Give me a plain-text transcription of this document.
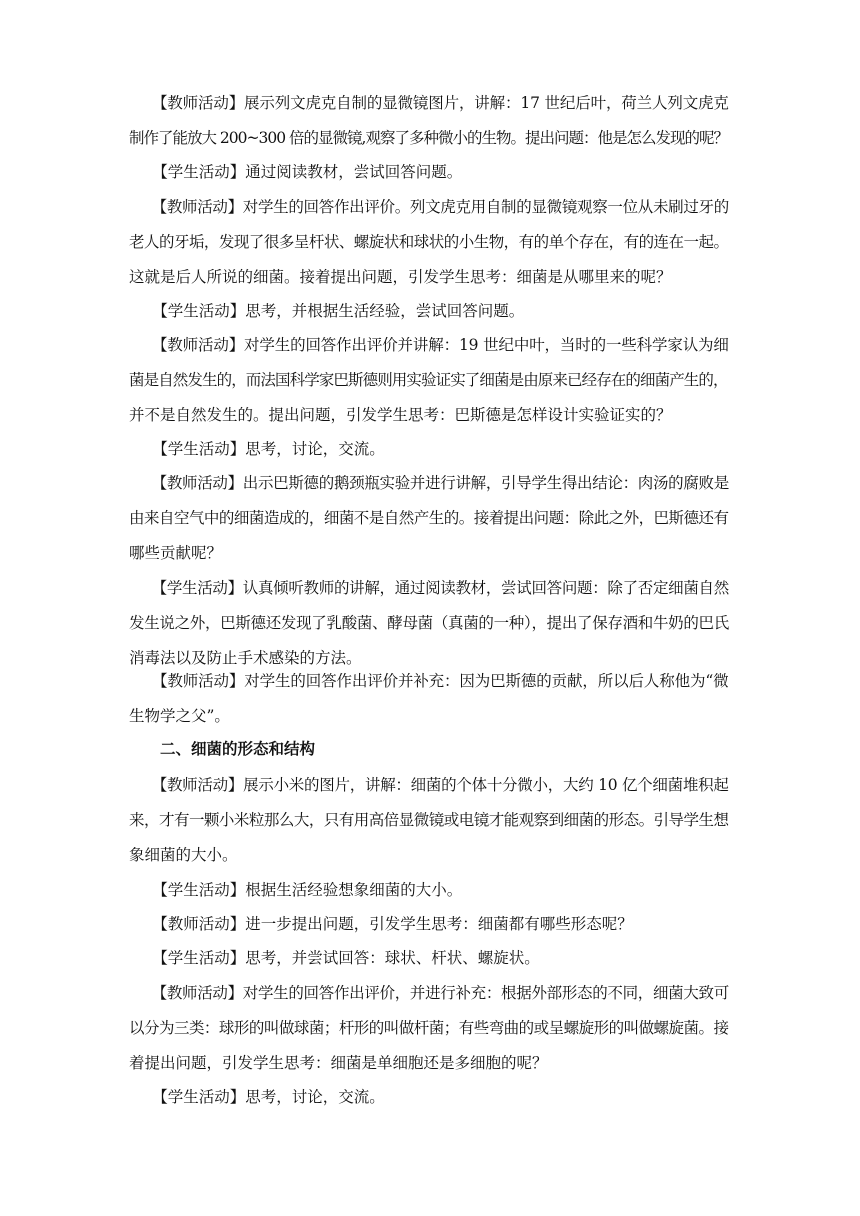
　　【教师活动】展示列文虎克自制的显微镜图片，讲解：17 世纪后叶，荷兰人列文虎克

制作了能放大 200~300 倍的显微镜,观察了多种微小的生物。提出问题：他是怎么发现的呢？

　　【学生活动】通过阅读教材，尝试回答问题。

　　【教师活动】对学生的回答作出评价。列文虎克用自制的显微镜观察一位从未刷过牙的

老人的牙垢，发现了很多呈杆状、螺旋状和球状的小生物，有的单个存在，有的连在一起。

这就是后人所说的细菌。接着提出问题，引发学生思考：细菌是从哪里来的呢？

　　【学生活动】思考，并根据生活经验，尝试回答问题。

　　【教师活动】对学生的回答作出评价并讲解：19 世纪中叶，当时的一些科学家认为细

菌是自然发生的，而法国科学家巴斯德则用实验证实了细菌是由原来已经存在的细菌产生的，

并不是自然发生的。提出问题，引发学生思考：巴斯德是怎样设计实验证实的？

　　【学生活动】思考，讨论，交流。

　　【教师活动】出示巴斯德的鹅颈瓶实验并进行讲解，引导学生得出结论：肉汤的腐败是

由来自空气中的细菌造成的，细菌不是自然产生的。接着提出问题：除此之外，巴斯德还有

哪些贡献呢？

　　【学生活动】认真倾听教师的讲解，通过阅读教材，尝试回答问题：除了否定细菌自然

发生说之外，巴斯德还发现了乳酸菌、酵母菌（真菌的一种），提出了保存酒和牛奶的巴氏

消毒法以及防止手术感染的方法。

　　【教师活动】对学生的回答作出评价并补充：因为巴斯德的贡献，所以后人称他为“微

生物学之父”。

　　二、细菌的形态和结构

　　【教师活动】展示小米的图片，讲解：细菌的个体十分微小，大约 10 亿个细菌堆积起

来，才有一颗小米粒那么大，只有用高倍显微镜或电镜才能观察到细菌的形态。引导学生想

象细菌的大小。

　　【学生活动】根据生活经验想象细菌的大小。

　　【教师活动】进一步提出问题，引发学生思考：细菌都有哪些形态呢？

　　【学生活动】思考，并尝试回答：球状、杆状、螺旋状。

　　【教师活动】对学生的回答作出评价，并进行补充：根据外部形态的不同，细菌大致可

以分为三类：球形的叫做球菌；杆形的叫做杆菌；有些弯曲的或呈螺旋形的叫做螺旋菌。接

着提出问题，引发学生思考：细菌是单细胞还是多细胞的呢？

　　【学生活动】思考，讨论，交流。
